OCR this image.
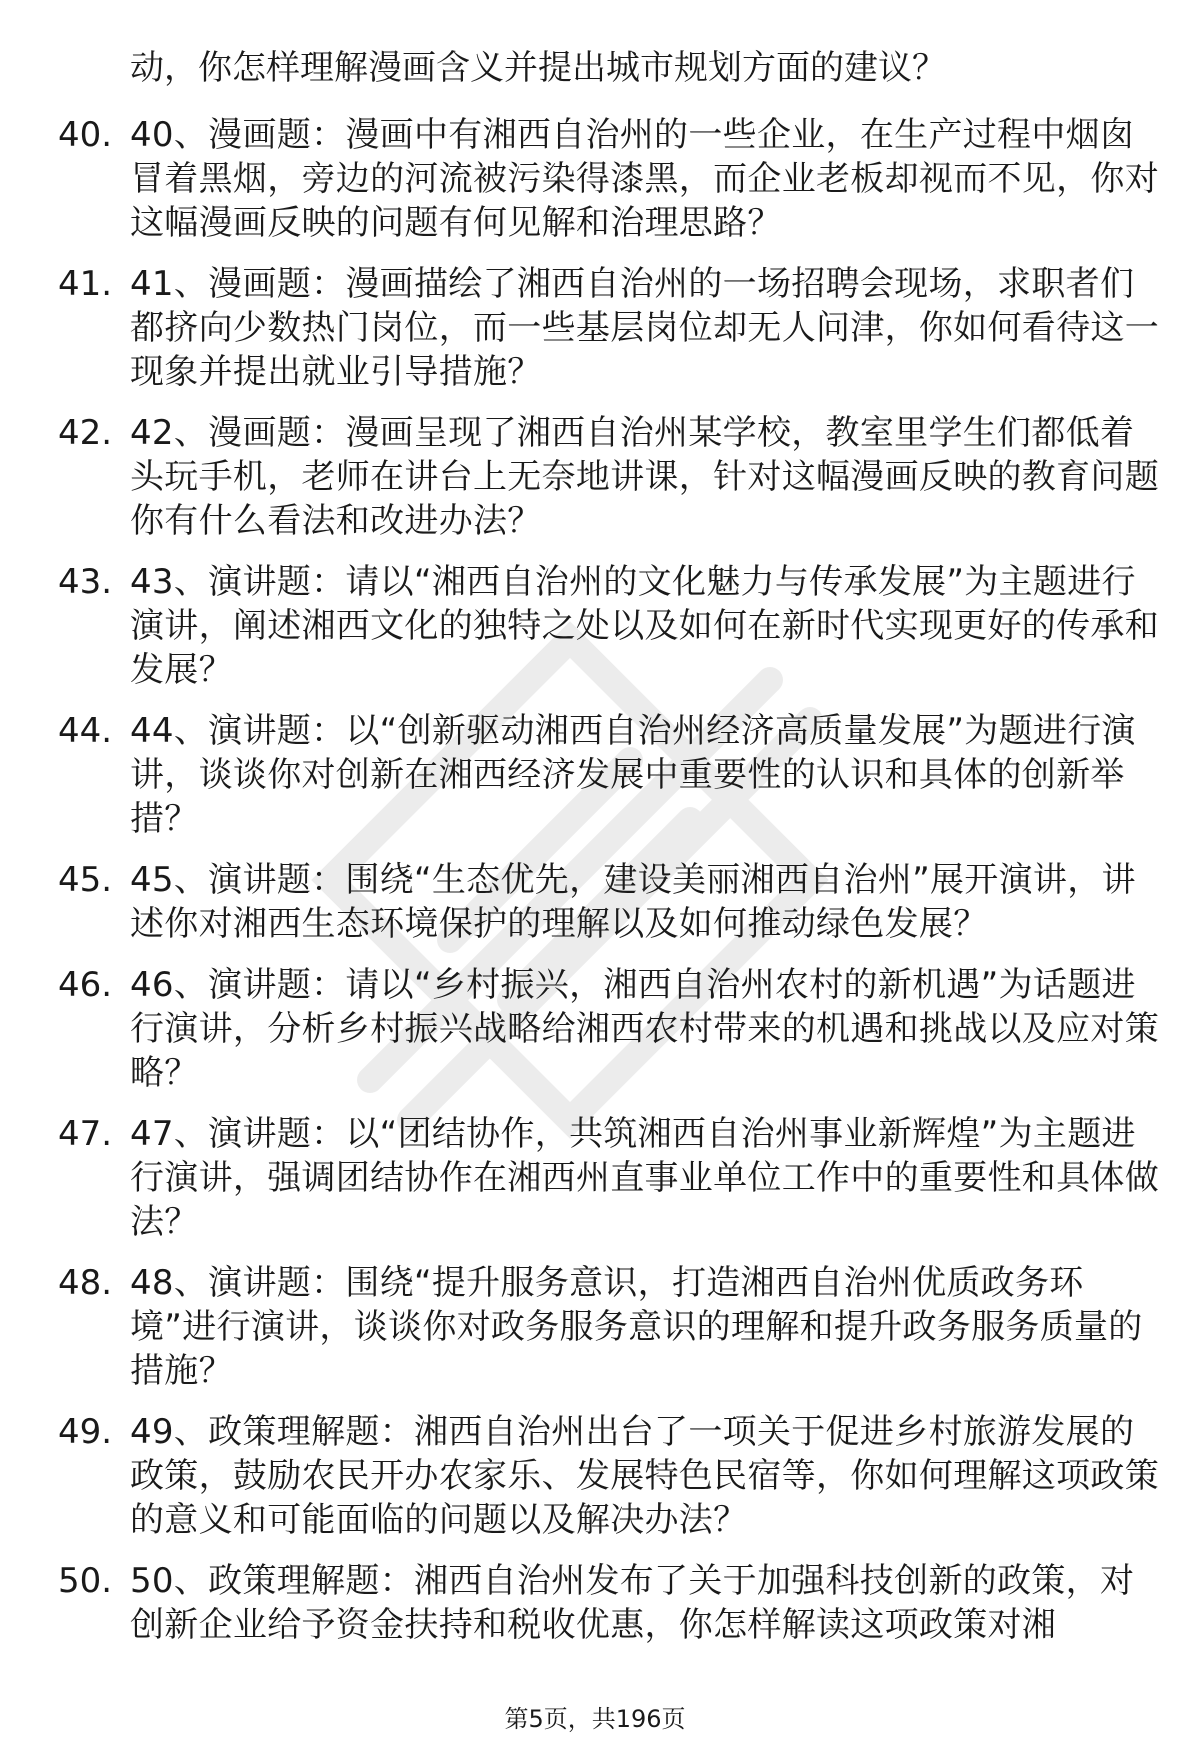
动，你怎样理解漫画含义并提出城市规划方面的建议？
40. 40、漫画题：漫画中有湘西自治州的一些企业，在生产过程中烟囱冒着黑烟，旁边的河流被污染得漆黑，而企业老板却视而不见，你对这幅漫画反映的问题有何见解和治理思路？
41. 41、漫画题：漫画描绘了湘西自治州的一场招聘会现场，求职者们都挤向少数热门岗位，而一些基层岗位却无人问津，你如何看待这一现象并提出就业引导措施？
42. 42、漫画题：漫画呈现了湘西自治州某学校，教室里学生们都低着头玩手机，老师在讲台上无奈地讲课，针对这幅漫画反映的教育问题你有什么看法和改进办法？
43. 43、演讲题：请以“湘西自治州的文化魅力与传承发展”为主题进行演讲，阐述湘西文化的独特之处以及如何在新时代实现更好的传承和发展？
44. 44、演讲题：以“创新驱动湘西自治州经济高质量发展”为题进行演讲，谈谈你对创新在湘西经济发展中重要性的认识和具体的创新举措？
45. 45、演讲题：围绕“生态优先，建设美丽湘西自治州”展开演讲，讲述你对湘西生态环境保护的理解以及如何推动绿色发展？
46. 46、演讲题：请以“乡村振兴，湘西自治州农村的新机遇”为话题进行演讲，分析乡村振兴战略给湘西农村带来的机遇和挑战以及应对策略？
47. 47、演讲题：以“团结协作，共筑湘西自治州事业新辉煌”为主题进行演讲，强调团结协作在湘西州直事业单位工作中的重要性和具体做法？
48. 48、演讲题：围绕“提升服务意识，打造湘西自治州优质政务环境”进行演讲，谈谈你对政务服务意识的理解和提升政务服务质量的措施？
49. 49、政策理解题：湘西自治州出台了一项关于促进乡村旅游发展的政策，鼓励农民开办农家乐、发展特色民宿等，你如何理解这项政策的意义和可能面临的问题以及解决办法？
50. 50、政策理解题：湘西自治州发布了关于加强科技创新的政策，对创新企业给予资金扶持和税收优惠，你怎样解读这项政策对湘
第5页，共196页
